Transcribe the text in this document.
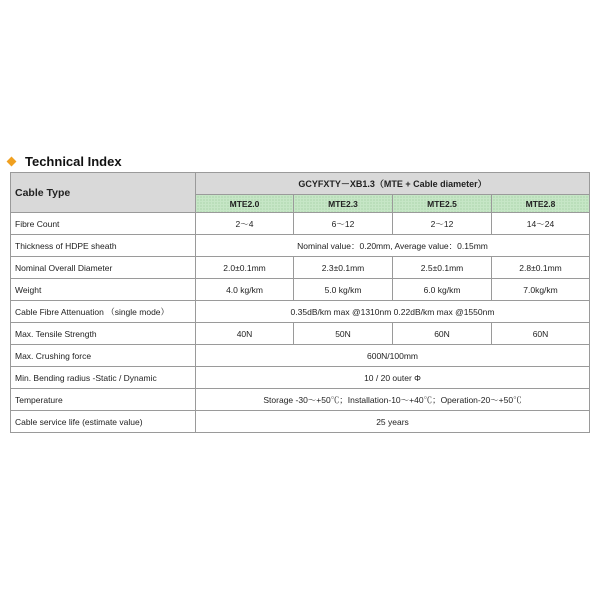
Technical Index
Cable Type	GCYFXTY－XB1.3（MTE + Cable diameter）			
	MTE2.0	MTE2.3	MTE2.5	MTE2.8
Fibre Count	2～4	6～12	2～12	14～24
Thickness of HDPE sheath	Nominal value：0.20mm, Average value：0.15mm			
Nominal Overall Diameter	2.0±0.1mm	2.3±0.1mm	2.5±0.1mm	2.8±0.1mm
Weight	4.0 kg/km	5.0 kg/km	6.0 kg/km	7.0kg/km
Cable Fibre Attenuation （single mode）	0.35dB/km max @1310nm 0.22dB/km max @1550nm			
Max. Tensile Strength	40N	50N	60N	60N
Max. Crushing force	600N/100mm			
Min. Bending radius -Static / Dynamic	10 / 20 outer Φ			
Temperature	Storage -30～+50℃；Installation-10～+40℃；Operation-20～+50℃			
Cable service life (estimate value)	25 years			
